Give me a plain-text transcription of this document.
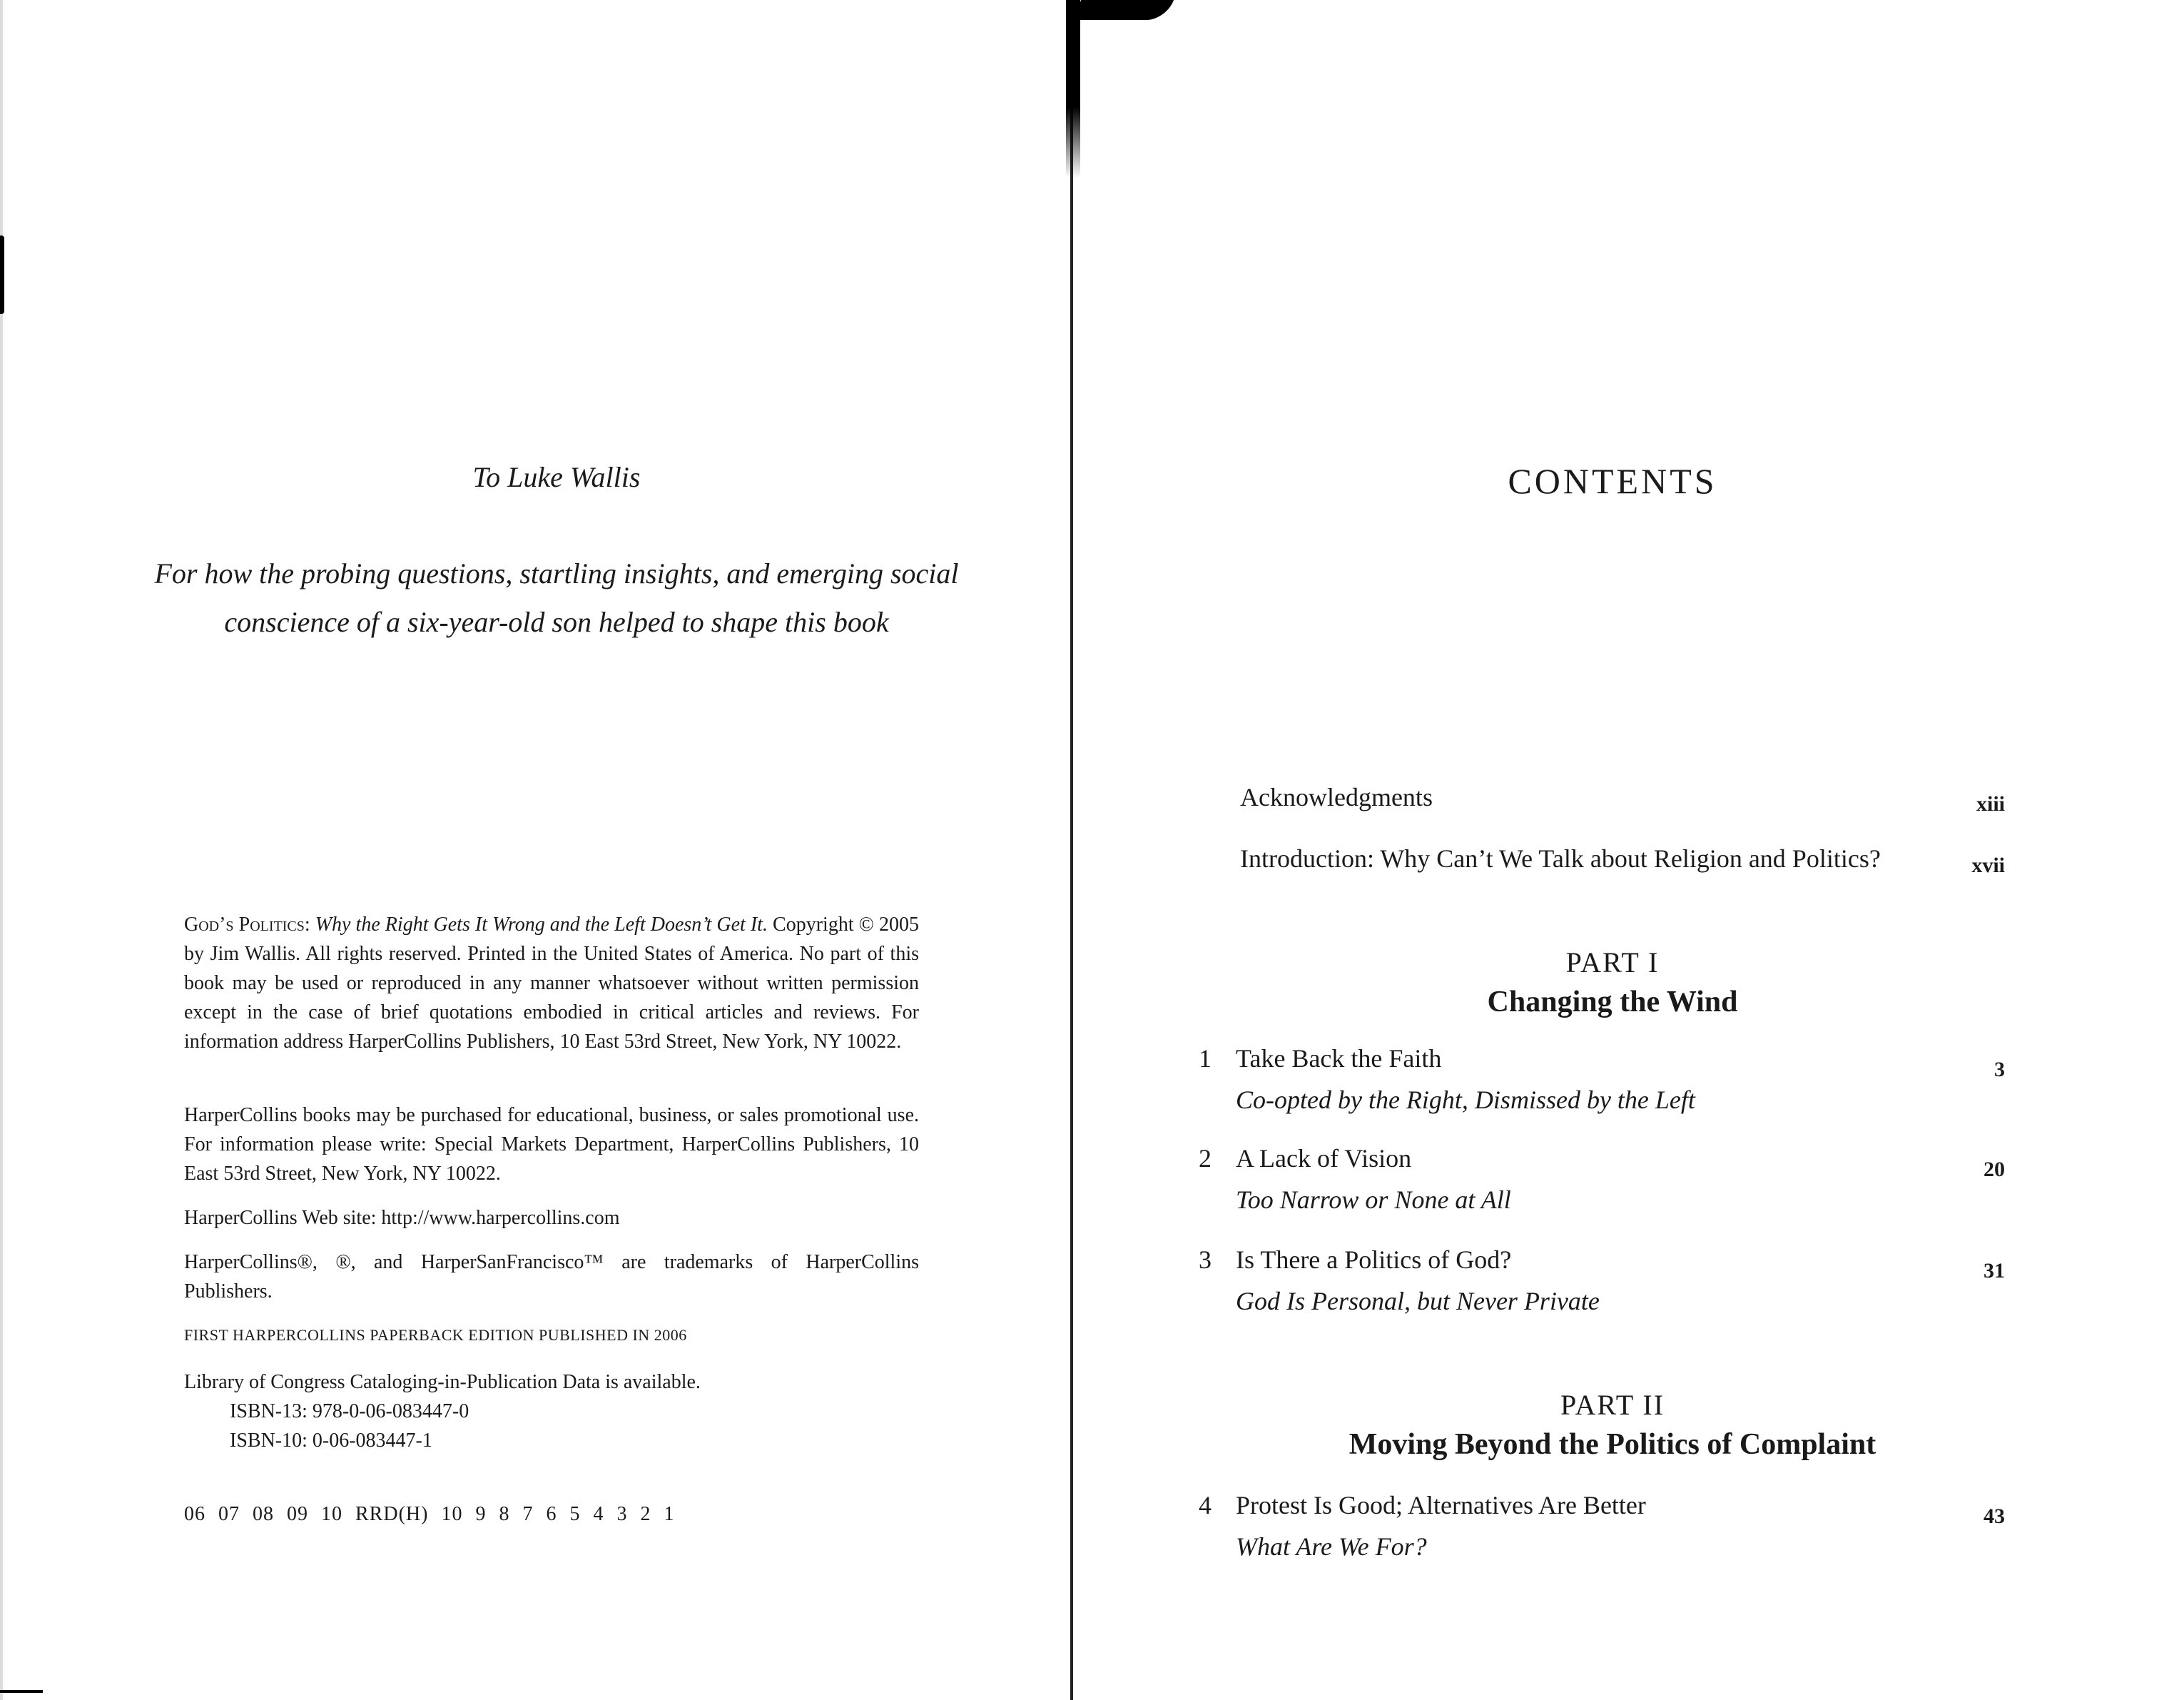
To Luke Wallis
For how the probing questions, startling insights, and emerging social
conscience of a six-year-old son helped to shape this book

God’s Politics: Why the Right Gets It Wrong and the Left Doesn’t Get It. Copyright © 2005 by Jim Wallis. All rights reserved. Printed in the United States of America. No part of this book may be used or reproduced in any manner whatsoever without written permission except in the case of brief quotations embodied in critical articles and reviews. For information address HarperCollins Publishers, 10 East 53rd Street, New York, NY 10022.

HarperCollins books may be purchased for educational, business, or sales promotional use. For information please write: Special Markets Department, HarperCollins Publishers, 10 East 53rd Street, New York, NY 10022.
HarperCollins Web site: http://www.harpercollins.com
HarperCollins®, ®, and HarperSanFrancisco™ are trademarks of HarperCollins Publishers.
FIRST HARPERCOLLINS PAPERBACK EDITION PUBLISHED IN 2006
Library of Congress Cataloging-in-Publication Data is available.
ISBN-13: 978-0-06-083447-0
ISBN-10: 0-06-083447-1
06 07 08 09 10 RRD(H) 10 9 8 7 6 5 4 3 2 1
CONTENTS
Acknowledgments	xiii
Introduction: Why Can’t We Talk about Religion and Politics?	xvii
PART I
Changing the Wind
1 Take Back the Faith
Co-opted by the Right, Dismissed by the Left
3
2 A Lack of Vision
Too Narrow or None at All
20
3 Is There a Politics of God?
God Is Personal, but Never Private
31
PART II
Moving Beyond the Politics of Complaint
4 Protest Is Good; Alternatives Are Better
What Are We For?
43
